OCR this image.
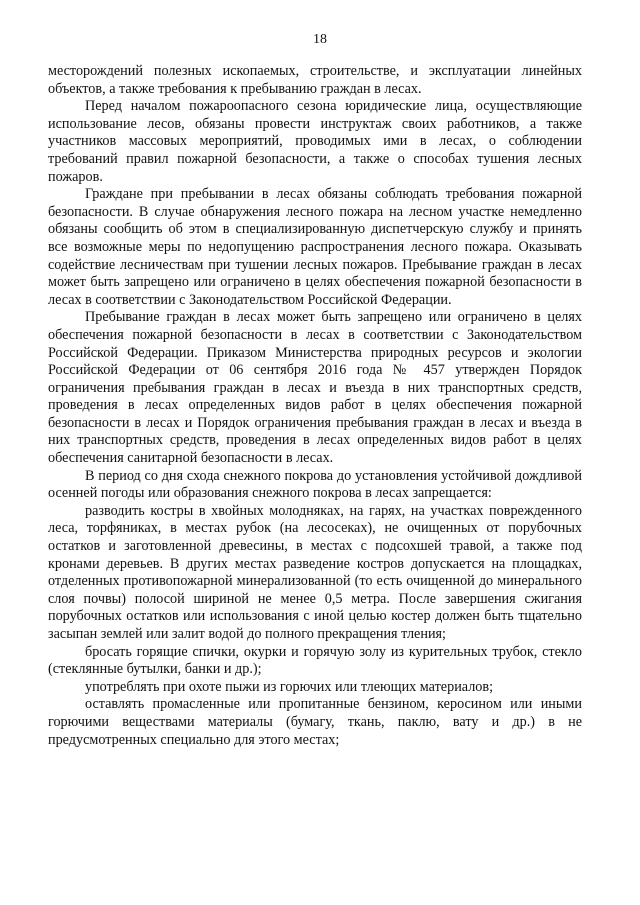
18

месторождений полезных ископаемых, строительстве, и эксплуатации линейных объектов, а также требования к пребыванию граждан в лесах.

Перед началом пожароопасного сезона юридические лица, осуществляющие использование лесов, обязаны провести инструктаж своих работников, а также участников массовых мероприятий, проводимых ими в лесах, о соблюдении требований правил пожарной безопасности, а также о способах тушения лесных пожаров.

Граждане при пребывании в лесах обязаны соблюдать требования пожарной безопасности. В случае обнаружения лесного пожара на лесном участке немедленно обязаны сообщить об этом в специализированную диспетчерскую службу и принять все возможные меры по недопущению распространения лесного пожара. Оказывать содействие лесничествам при тушении лесных пожаров. Пребывание граждан в лесах может быть запрещено или ограничено в целях обеспечения пожарной безопасности в лесах в соответствии с Законодательством Российской Федерации.

Пребывание граждан в лесах может быть запрещено или ограничено в целях обеспечения пожарной безопасности в лесах в соответствии с Законодательством Российской Федерации. Приказом Министерства природных ресурсов и экологии Российской Федерации от 06 сентября 2016 года № 457 утвержден Порядок ограничения пребывания граждан в лесах и въезда в них транспортных средств, проведения в лесах определенных видов работ в целях обеспечения пожарной безопасности в лесах и Порядок ограничения пребывания граждан в лесах и въезда в них транспортных средств, проведения в лесах определенных видов работ в целях обеспечения санитарной безопасности в лесах.

В период со дня схода снежного покрова до установления устойчивой дождливой осенней погоды или образования снежного покрова в лесах запрещается:

разводить костры в хвойных молодняках, на гарях, на участках поврежденного леса, торфяниках, в местах рубок (на лесосеках), не очищенных от порубочных остатков и заготовленной древесины, в местах с подсохшей травой, а также под кронами деревьев. В других местах разведение костров допускается на площадках, отделенных противопожарной минерализованной (то есть очищенной до минерального слоя почвы) полосой шириной не менее 0,5 метра. После завершения сжигания порубочных остатков или использования с иной целью костер должен быть тщательно засыпан землей или залит водой до полного прекращения тления;

бросать горящие спички, окурки и горячую золу из курительных трубок, стекло (стеклянные бутылки, банки и др.);

употреблять при охоте пыжи из горючих или тлеющих материалов;

оставлять промасленные или пропитанные бензином, керосином или иными горючими веществами материалы (бумагу, ткань, паклю, вату и др.) в не предусмотренных специально для этого местах;
